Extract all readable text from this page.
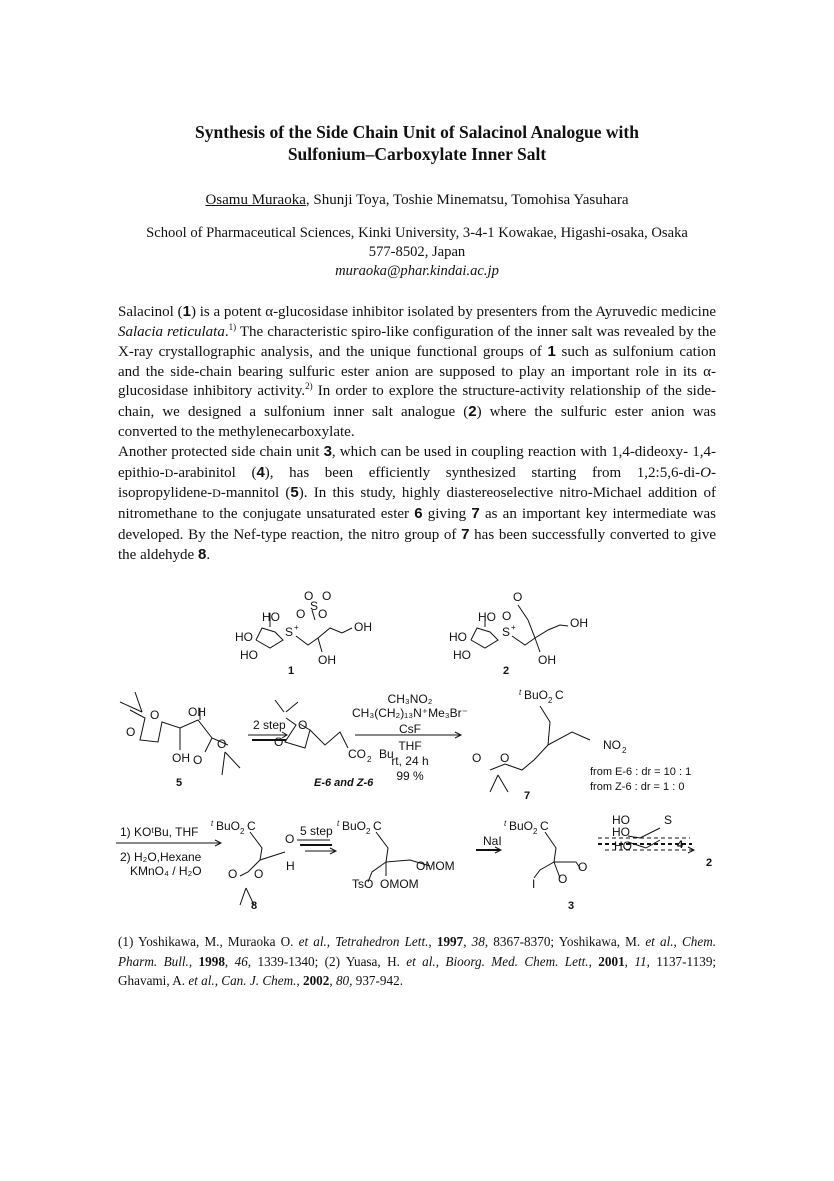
Synthesis of the Side Chain Unit of Salacinol Analogue with
Sulfonium–Carboxylate Inner Salt
Osamu Muraoka, Shunji Toya, Toshie Minematsu, Tomohisa Yasuhara
School of Pharmaceutical Sciences, Kinki University, 3-4-1 Kowakae, Higashi-osaka, Osaka
577-8502, Japan
muraoka@phar.kindai.ac.jp

Salacinol (1) is a potent α-glucosidase inhibitor isolated by presenters from the Ayruvedic medicine Salacia reticulata.$^{1)}$ The characteristic spiro-like configuration of the inner salt was revealed by the X-ray crystallographic analysis, and the unique functional groups of 1 such as sulfonium cation and the side-chain bearing sulfuric ester anion are supposed to play an important role in its α-glucosidase inhibitory activity.$^{2)}$ In order to explore the structure-activity relationship of the side-chain, we designed a sulfonium inner salt analogue (2) where the sulfuric ester anion was converted to the methylenecarboxylate.

Another protected side chain unit 3, which can be used in coupling reaction with 1,4-dideoxy- 1,4-epithio-D-arabinitol (4), has been efficiently synthesized starting from 1,2:5,6-di-O- isopropylidene-D-mannitol (5). In this study, highly diastereoselective nitro-Michael addition of nitromethane to the conjugate unsaturated ester 6 giving 7 as an important key intermediate was developed. By the Nef-type reaction, the nitro group of 7 has been successfully converted to give the aldehyde 8.

O O
S
O O
HO
S +	OH
HO
HO	OH
O
HO O
S +	OH
HO
HO	OH
O
O
OH
OH O
O
O
O
CO 2 Bu	O O
NO 2
BuO 2 C
O
H
O O
BuO 2 C	BuO 2 C
OMOM
TsO OMOM
BuO 2 C
I O
O
HO
HO
HO
S
t
t	t	t
1	2
5	E-6 and Z-6
7
8	3
4
2
2 step
CH₃NO₂
CH₃(CH₂)₁₃N⁺Me₃Br⁻
CsF
THF
rt, 24 h
99 %	from E-6 : dr = 10 : 1
from Z-6 : dr = 1 : 0
1) KOᵗBu, THF
2) H₂O,Hexane
KMnO₄ / H₂O
5 step
NaI
(1) Yoshikawa, M., Muraoka O. et al., Tetrahedron Lett., 1997, 38, 8367-8370; Yoshikawa, M. et al., Chem. Pharm. Bull., 1998, 46, 1339-1340; (2) Yuasa, H. et al., Bioorg. Med. Chem. Lett., 2001, 11, 1137-1139; Ghavami, A. et al., Can. J. Chem., 2002, 80, 937-942.
